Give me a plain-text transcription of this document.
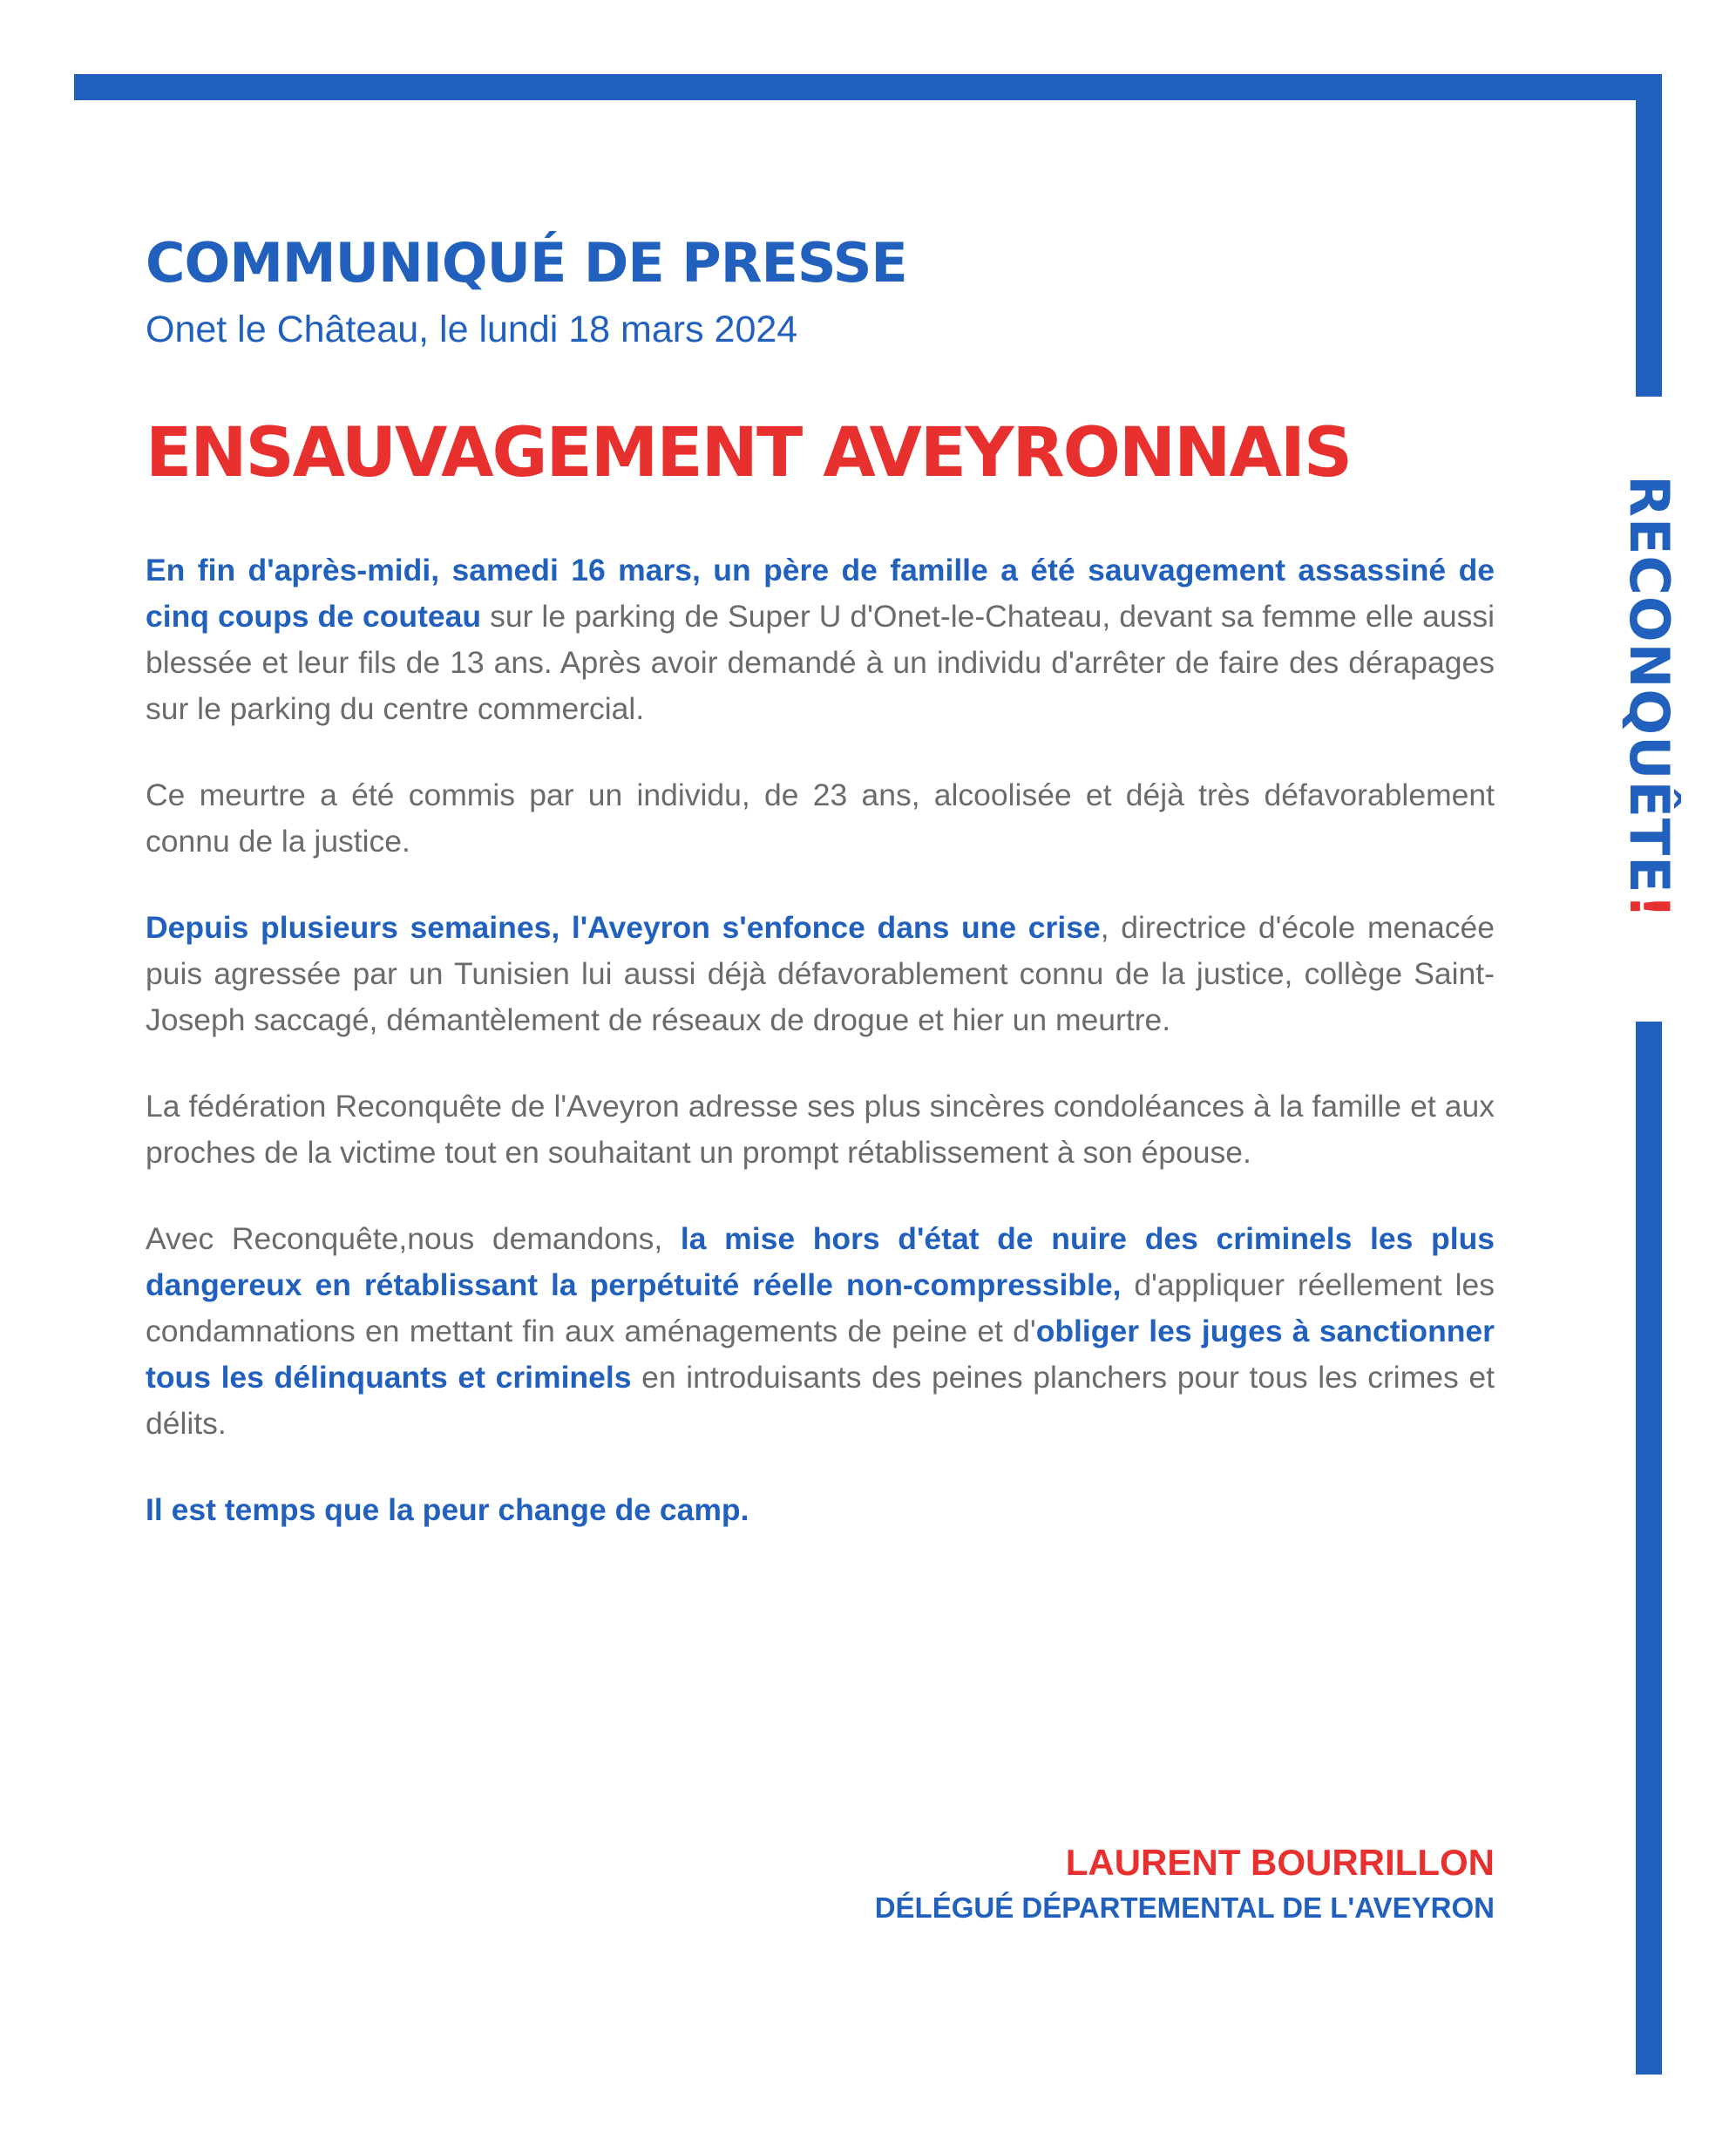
RECONQUÊTE!
COMMUNIQUÉ DE PRESSE
Onet le Château, le lundi 18 mars 2024
ENSAUVAGEMENT AVEYRONNAIS

En fin d'après-midi, samedi 16 mars, un père de famille a été sauvagement assassiné de cinq coups de couteau sur le parking de Super U d'Onet-le-Chateau, devant sa femme elle aussi blessée et leur fils de 13 ans. Après avoir demandé à un individu d'arrêter de faire des dérapages sur le parking du centre commercial.

Ce meurtre a été commis par un individu, de 23 ans, alcoolisée et déjà très défavorablement connu de la justice.

Depuis plusieurs semaines, l'Aveyron s'enfonce dans une crise, directrice d'école menacée puis agressée par un Tunisien lui aussi déjà défavorablement connu de la justice, collège Saint-Joseph saccagé, démantèlement de réseaux de drogue et hier un meurtre.

La fédération Reconquête de l'Aveyron adresse ses plus sincères condoléances à la famille et aux proches de la victime tout en souhaitant un prompt rétablissement à son épouse.

Avec Reconquête,nous demandons, la mise hors d'état de nuire des criminels les plus dangereux en rétablissant la perpétuité réelle non-compressible, d'appliquer réellement les condamnations en mettant fin aux aménagements de peine et d'obliger les juges à sanctionner tous les délinquants et criminels en introduisants des peines planchers pour tous les crimes et délits.

Il est temps que la peur change de camp.

LAURENT BOURRILLON
DÉLÉGUÉ DÉPARTEMENTAL DE L'AVEYRON
